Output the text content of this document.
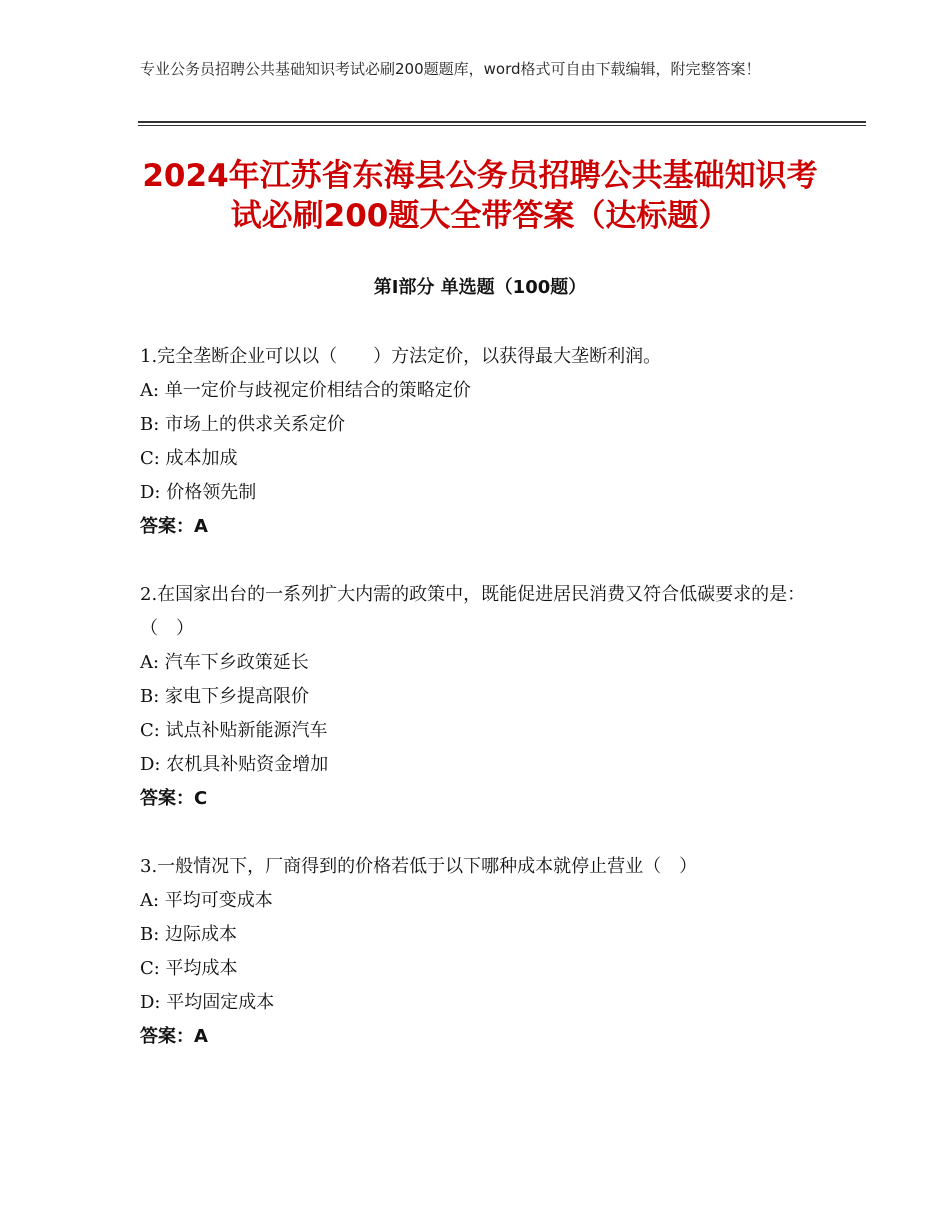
专业公务员招聘公共基础知识考试必刷200题题库，word格式可自由下载编辑，附完整答案！
2024年江苏省东海县公务员招聘公共基础知识考试必刷200题大全带答案（达标题）
第Ⅰ部分 单选题（100题）

1.完全垄断企业可以以（　　）方法定价，以获得最大垄断利润。

A: 单一定价与歧视定价相结合的策略定价

B: 市场上的供求关系定价

C: 成本加成

D: 价格领先制

答案：A

2.在国家出台的一系列扩大内需的政策中，既能促进居民消费又符合低碳要求的是：（　）

A: 汽车下乡政策延长

B: 家电下乡提高限价

C: 试点补贴新能源汽车

D: 农机具补贴资金增加

答案：C

3.一般情况下，厂商得到的价格若低于以下哪种成本就停止营业（　）

A: 平均可变成本

B: 边际成本

C: 平均成本

D: 平均固定成本

答案：A
